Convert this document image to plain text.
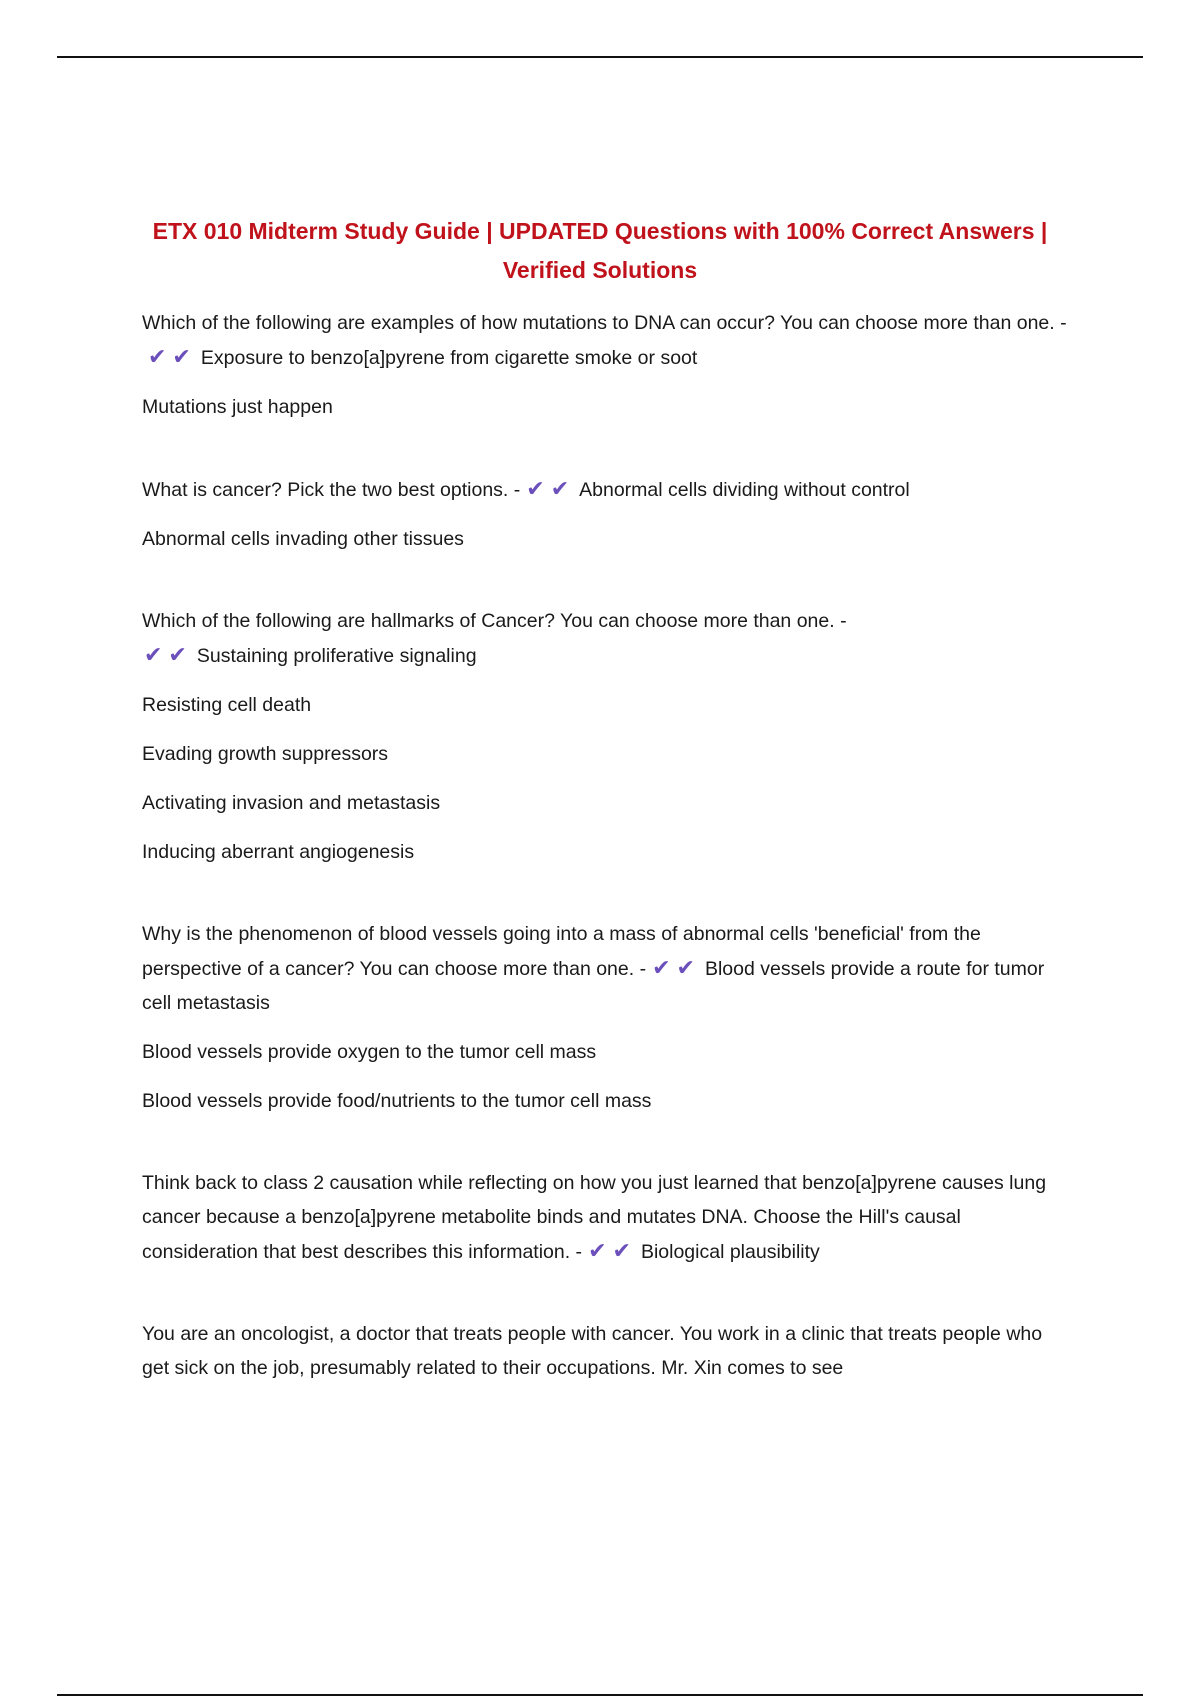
ETX 010 Midterm Study Guide | UPDATED Questions with 100% Correct Answers | Verified Solutions

Which of the following are examples of how mutations to DNA can occur? You can choose more than one. -✔✔ Exposure to benzo[a]pyrene from cigarette smoke or soot

Mutations just happen

What is cancer? Pick the two best options. - ✔✔ Abnormal cells dividing without control

Abnormal cells invading other tissues

Which of the following are hallmarks of Cancer? You can choose more than one. -

✔✔ Sustaining proliferative signaling

Resisting cell death

Evading growth suppressors

Activating invasion and metastasis

Inducing aberrant angiogenesis

Why is the phenomenon of blood vessels going into a mass of abnormal cells 'beneficial' from the perspective of a cancer? You can choose more than one. - ✔✔ Blood vessels provide a route for tumor cell metastasis

Blood vessels provide oxygen to the tumor cell mass

Blood vessels provide food/nutrients to the tumor cell mass

Think back to class 2 causation while reflecting on how you just learned that benzo[a]pyrene causes lung cancer because a benzo[a]pyrene metabolite binds and mutates DNA. Choose the Hill's causal consideration that best describes this information. - ✔✔ Biological plausibility

You are an oncologist, a doctor that treats people with cancer. You work in a clinic that treats people who get sick on the job, presumably related to their occupations. Mr. Xin comes to see
